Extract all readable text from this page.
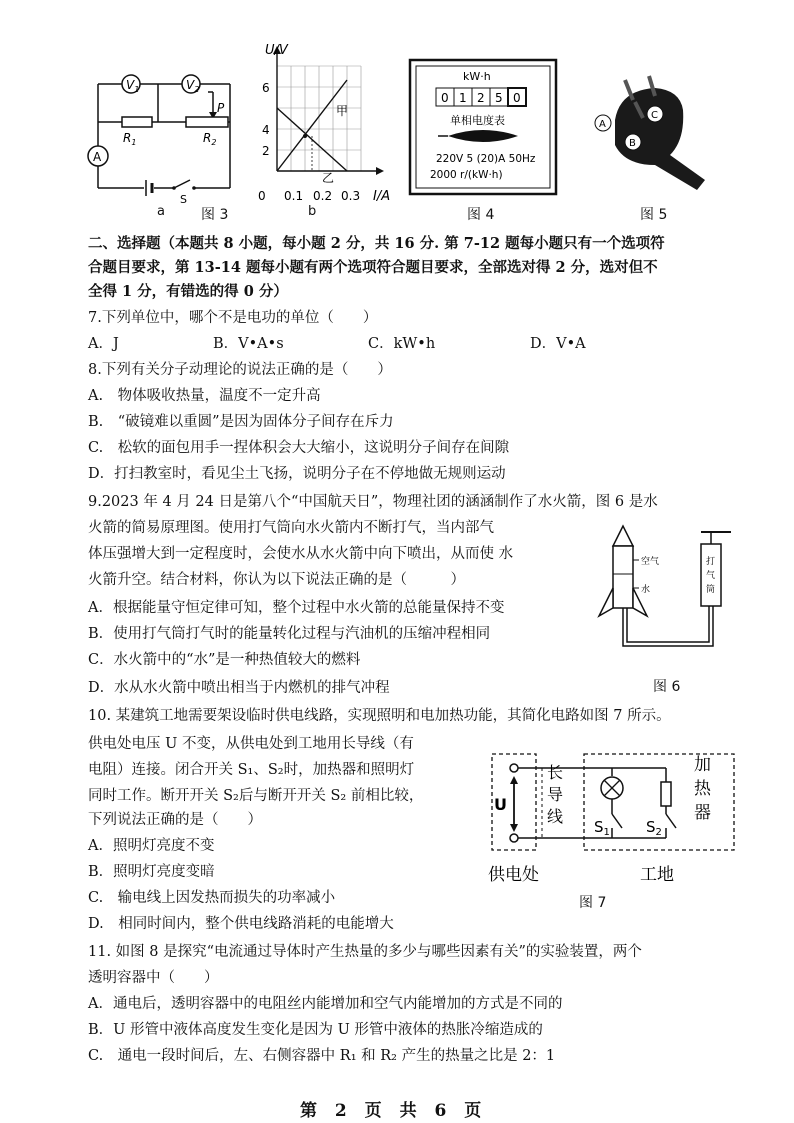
$V_1$	$V_2$
A
$R_1$	$R_2$
P
S
a	图 3
U/V
I/A
2
4
6
0 0.1 0.2 0.3
甲
乙
b
kW·h
0 1 2 5 0
单相电度表
220V 5 (20)A 50Hz
2000 r/(kW·h)
图 4
A
B
C
图 5
二、选择题（本题共 8 小题，每小题 2 分，共 16 分. 第 7-12 题每小题只有一个选项符
合题目要求，第 13-14 题每小题有两个选项符合题目要求，全部选对得 2 分，选对但不
全得 1 分，有错选的得 0 分）
7.下列单位中，哪个不是电功的单位（　　）
A．J	B．V•A•s	C．kW•h	D．V•A
8.下列有关分子动理论的说法正确的是（　　）
A.　物体吸收热量，温度不一定升高
B.　“破镜难以重圆”是因为固体分子间存在斥力
C.　松软的面包用手一捏体积会大大缩小，这说明分子间存在间隙
D．打扫教室时，看见尘土飞扬，说明分子在不停地做无规则运动
9.2023 年 4 月 24 日是第八个“中国航天日”，物理社团的涵涵制作了水火箭，图 6 是水
火箭的简易原理图。使用打气筒向水火箭内不断打气，当内部气
体压强增大到一定程度时，会使水从水火箭中向下喷出，从而使 水
火箭升空。结合材料，你认为以下说法正确的是（　　　）
A．根据能量守恒定律可知，整个过程中水火箭的总能量保持不变
B．使用打气筒打气时的能量转化过程与汽油机的压缩冲程相同
C．水火箭中的“水”是一种热值较大的燃料
D．水从水火箭中喷出相当于内燃机的排气冲程
空气
水
打
气
筒
图 6
10. 某建筑工地需要架设临时供电线路，实现照明和电加热功能，其简化电路如图 7 所示。
供电处电压 U 不变，从供电处到工地用长导线（有
电阻）连接。闭合开关 S₁、S₂时，加热器和照明灯
同时工作。断开开关 S₂后与断开开关 S₂ 前相比较，
下列说法正确的是（　　）
A．照明灯亮度不变
B．照明灯亮度变暗
C.　输电线上因发热而损失的功率减小
D.　相同时间内，整个供电线路消耗的电能增大
U
长
导
线
加
热
器
$S_1$ $S_2$
供电处	工地
图 7
11. 如图 8 是探究“电流通过导体时产生热量的多少与哪些因素有关”的实验装置，两个
透明容器中（　　）
A．通电后，透明容器中的电阻丝内能增加和空气内能增加的方式是不同的
B．U 形管中液体高度发生变化是因为 U 形管中液体的热胀冷缩造成的
C.　通电一段时间后，左、右侧容器中 R₁ 和 R₂ 产生的热量之比是 2：1
第 2 页 共 6 页
